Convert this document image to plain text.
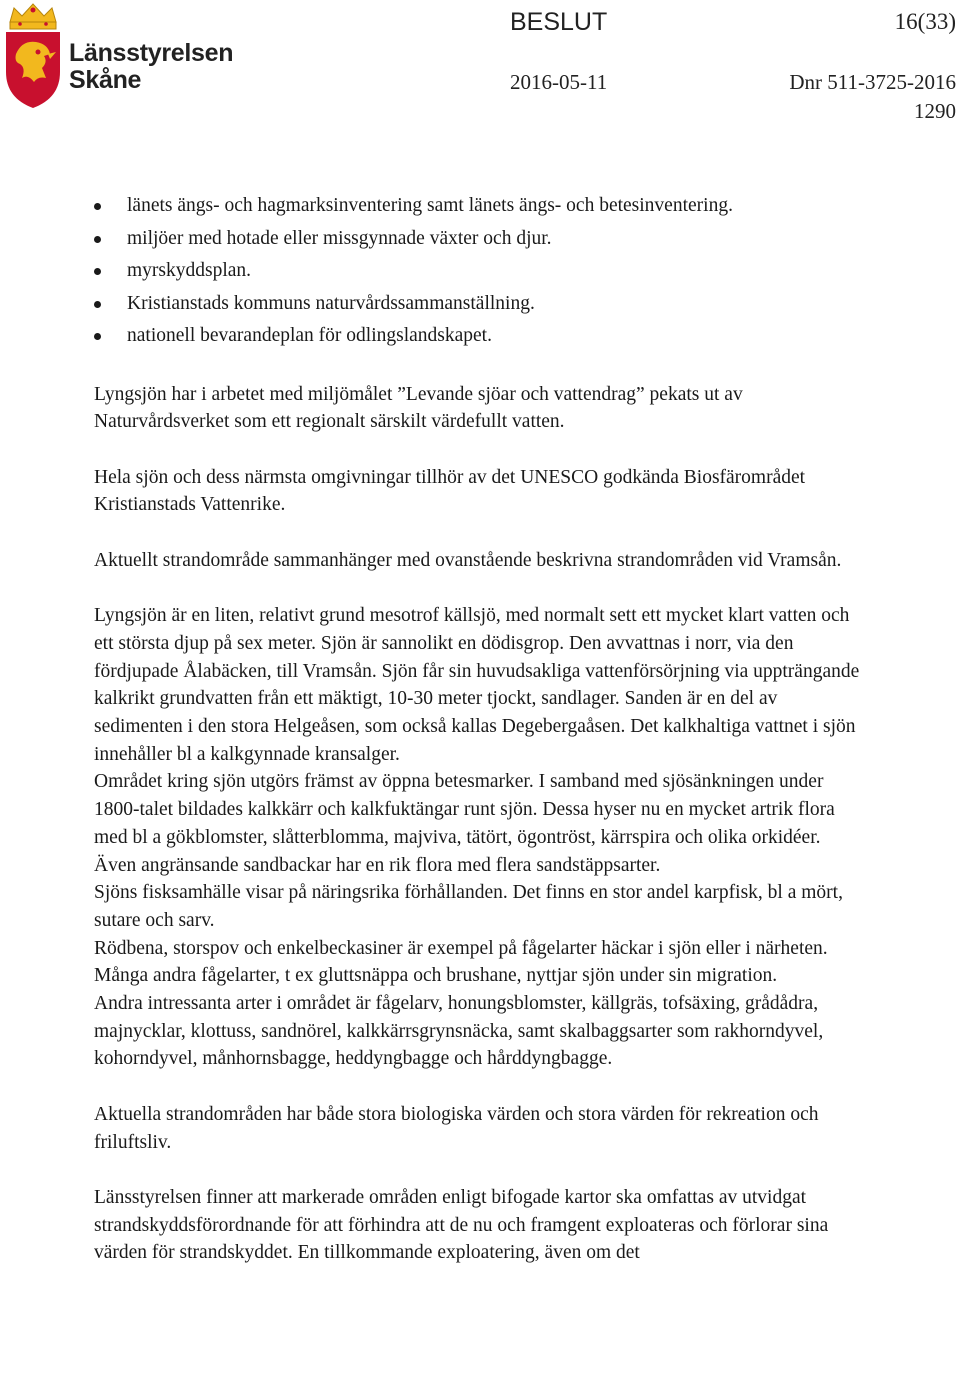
Länsstyrelsen
Skåne
BESLUT	16(33)
2016-05-11	Dnr 511-3725-2016
1290
länets ängs- och hagmarksinventering samt länets ängs- och betesinventering.
miljöer med hotade eller missgynnade växter och djur.
myrskyddsplan.
Kristianstads kommuns naturvårdssammanställning.
nationell bevarandeplan för odlingslandskapet.

Lyngsjön har i arbetet med miljömålet ”Levande sjöar och vattendrag” pekats ut av Naturvårdsverket som ett regionalt särskilt värdefullt vatten.

Hela sjön och dess närmsta omgivningar tillhör av det UNESCO godkända Biosfärområdet Kristianstads Vattenrike.

Aktuellt strandområde sammanhänger med ovanstående beskrivna strandområden vid Vramsån.

Lyngsjön är en liten, relativt grund mesotrof källsjö, med normalt sett ett mycket klart vatten och ett största djup på sex meter. Sjön är sannolikt en dödisgrop. Den avvattnas i norr, via den fördjupade Ålabäcken, till Vramsån. Sjön får sin huvudsakliga vattenförsörjning via uppträngande kalkrikt grundvatten från ett mäktigt, 10-30 meter tjockt, sandlager. Sanden är en del av sedimenten i den stora Helgeåsen, som också kallas Degebergaåsen. Det kalkhaltiga vattnet i sjön innehåller bl a kalkgynnade kransalger.

Området kring sjön utgörs främst av öppna betesmarker. I samband med sjösänkningen under 1800-talet bildades kalkkärr och kalkfuktängar runt sjön. Dessa hyser nu en mycket artrik flora med bl a gökblomster, slåtterblomma, majviva, tätört, ögontröst, kärrspira och olika orkidéer. Även angränsande sandbackar har en rik flora med flera sandstäppsarter.

Sjöns fisksamhälle visar på näringsrika förhållanden. Det finns en stor andel karpfisk, bl a mört, sutare och sarv.

Rödbena, storspov och enkelbeckasiner är exempel på fågelarter häckar i sjön eller i närheten. Många andra fågelarter, t ex gluttsnäppa och brushane, nyttjar sjön under sin migration.

Andra intressanta arter i området är fågelarv, honungsblomster, källgräs, tofsäxing, grådådra, majnycklar, klottuss, sandnörel, kalkkärrsgrynsnäcka, samt skalbaggsarter som rakhorndyvel, kohorndyvel, månhornsbagge, heddyngbagge och hårddyngbagge.

Aktuella strandområden har både stora biologiska värden och stora värden för rekreation och friluftsliv.

Länsstyrelsen finner att markerade områden enligt bifogade kartor ska omfattas av utvidgat strandskyddsförordnande för att förhindra att de nu och framgent exploateras och förlorar sina värden för strandskyddet. En tillkommande exploatering, även om det
